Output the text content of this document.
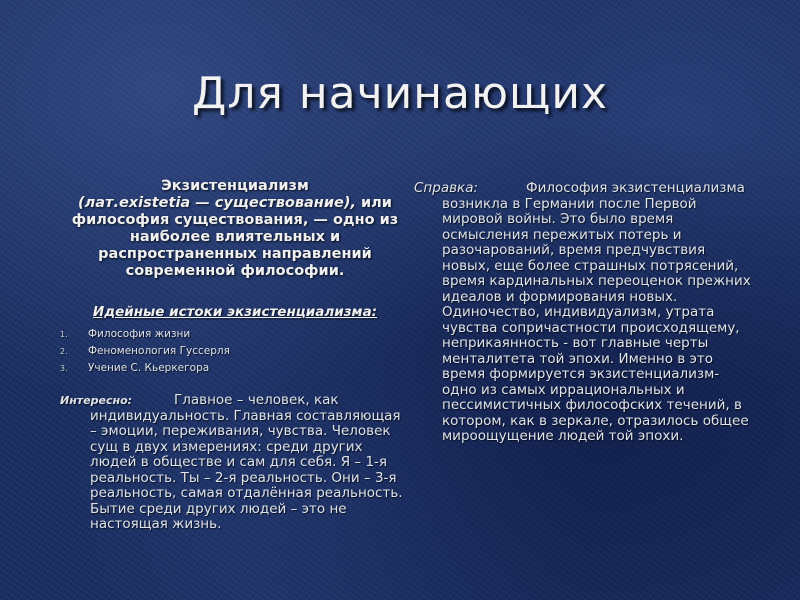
Для начинающих
Экзистенциализм
(лат.existetia — существование), или философия существования, — одно из наиболее влиятельных и распространенных направлений современной философии.
Идейные истоки экзистенциализма:
1. Философия жизни
2. Феноменология Гуссерля
3. Учение С. Кьеркегора
Интересно:	Главное – человек, как индивидуальность. Главная составляющая – эмоции, переживания, чувства. Человек сущ в двух измерениях: среди других людей в обществе и сам для себя. Я – 1-я реальность. Ты – 2-я реальность. Они – 3-я реальность, самая отдалённая реальность. Бытие среди других людей – это не настоящая жизнь.
Справка:	Философия экзистенциализма возникла в Германии после Первой мировой войны. Это было время осмысления пережитых потерь и разочарований, время предчувствия новых, еще более страшных потрясений, время кардинальных переоценок прежних идеалов и формирования новых. Одиночество, индивидуализм, утрата чувства сопричастности происходящему, неприкаянность - вот главные черты менталитета той эпохи. Именно в это время формируется экзистенциализм- одно из самых иррациональных и пессимистичных философских течений, в котором, как в зеркале, отразилось общее мироощущение людей той эпохи.
